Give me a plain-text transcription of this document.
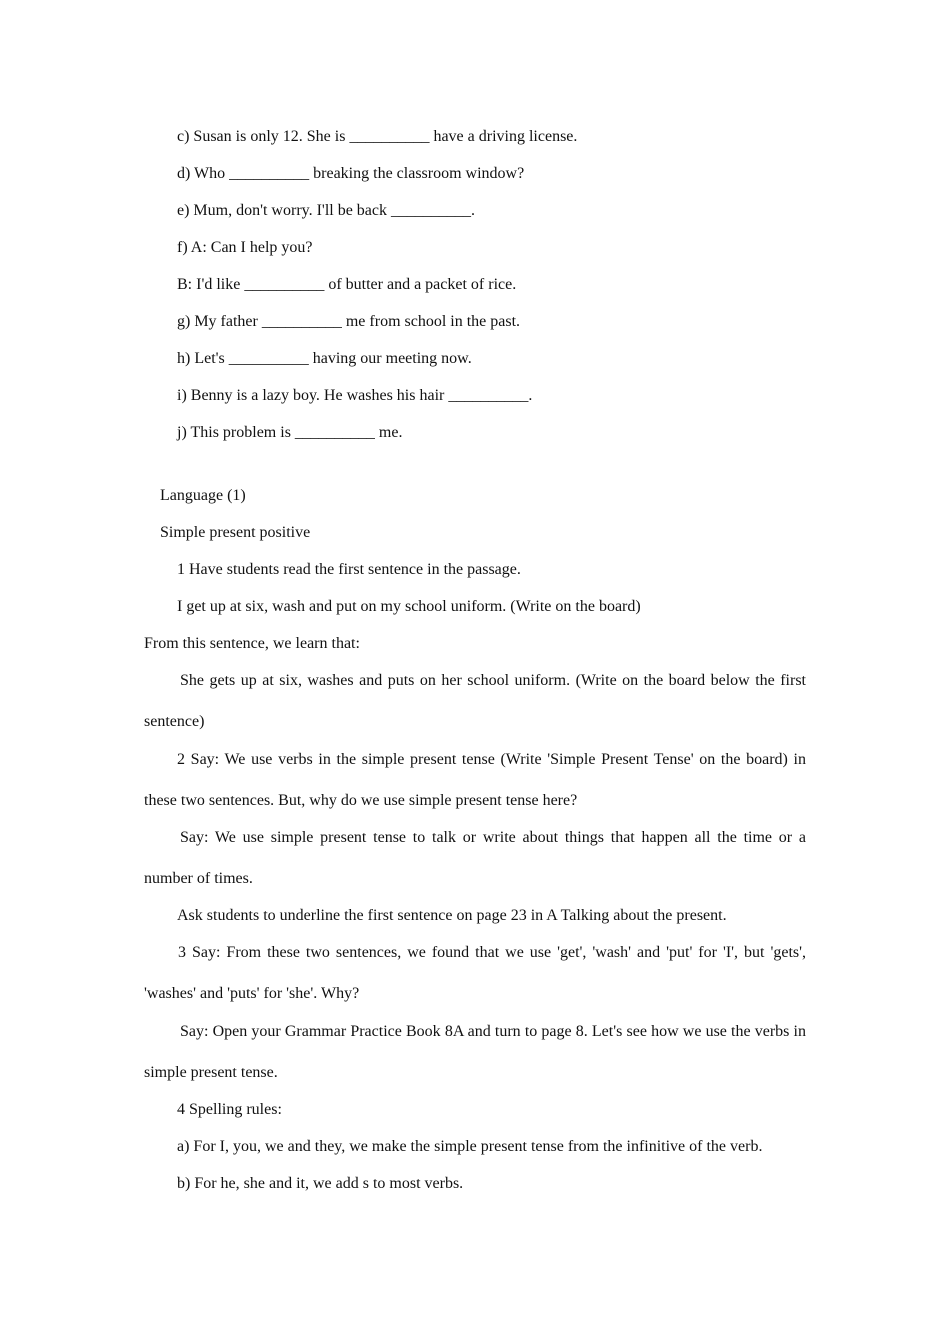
c) Susan is only 12. She is __________ have a driving license.
d) Who __________ breaking the classroom window?
e) Mum, don't worry. I'll be back __________.
f) A: Can I help you?
B: I'd like __________ of butter and a packet of rice.
g) My father __________ me from school in the past.
h) Let's __________ having our meeting now.
i) Benny is a lazy boy. He washes his hair __________.
j) This problem is __________ me.
Language (1)
Simple present positive
1 Have students read the first sentence in the passage.
I get up at six, wash and put on my school uniform. (Write on the board)
From this sentence, we learn that:
She gets up at six, washes and puts on her school uniform. (Write on the board below the first sentence)
2 Say: We use verbs in the simple present tense (Write 'Simple Present Tense' on the board) in these two sentences. But, why do we use simple present tense here?
Say: We use simple present tense to talk or write about things that happen all the time or a number of times.
Ask students to underline the first sentence on page 23 in A Talking about the present.
3 Say: From these two sentences, we found that we use 'get', 'wash' and 'put' for 'I', but 'gets', 'washes' and 'puts' for 'she'. Why?
Say: Open your Grammar Practice Book 8A and turn to page 8. Let's see how we use the verbs in simple present tense.
4 Spelling rules:
a) For I, you, we and they, we make the simple present tense from the infinitive of the verb.
b) For he, she and it, we add s to most verbs.
